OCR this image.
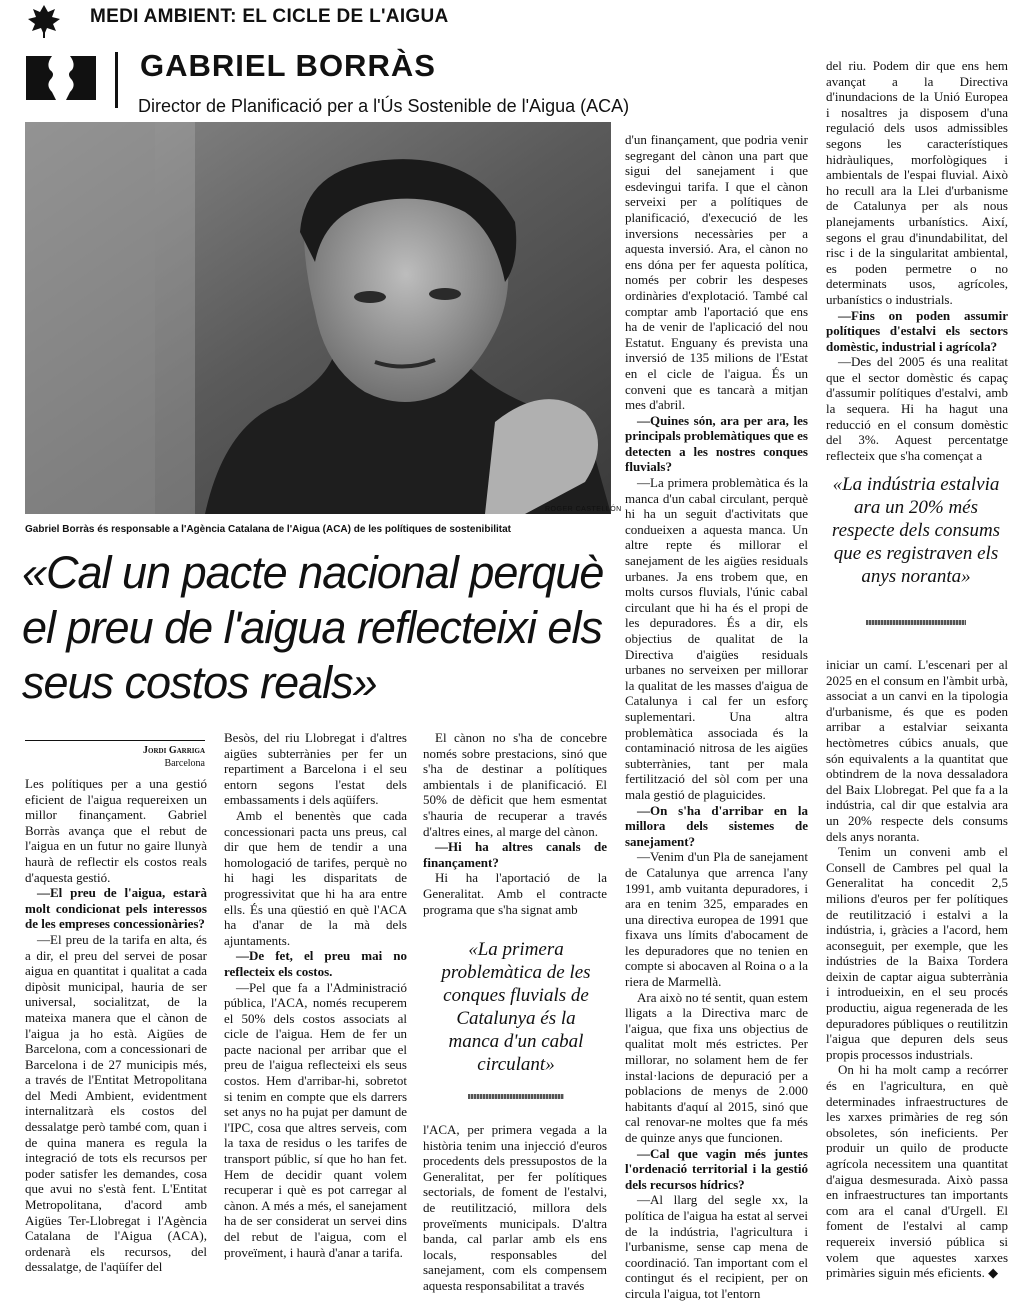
MEDI AMBIENT: EL CICLE DE L'AIGUA
GABRIEL BORRÀS
Director de Planificació per a l'Ús Sostenible de l'Aigua (ACA)
ROGER CASTELLÓN
Gabriel Borràs és responsable a l'Agència Catalana de l'Aigua (ACA) de les polítiques de sostenibilitat
«Cal un pacte nacional perquè el preu de l'aigua reflecteixi els seus costos reals»
Jordi Garriga
Barcelona

Les polítiques per a una gestió eficient de l'aigua requereixen un millor finançament. Gabriel Borràs avança que el rebut de l'aigua en un futur no gaire llunyà haurà de reflectir els costos reals d'aquesta gestió.

—El preu de l'aigua, estarà molt condicionat pels interessos de les empreses concessionàries?

—El preu de la tarifa en alta, és a dir, el preu del servei de posar aigua en quantitat i qualitat a cada dipòsit municipal, hauria de ser universal, socialitzat, de la mateixa manera que el cànon de l'aigua ja ho està. Aigües de Barcelona, com a concessionari de Barcelona i de 27 municipis més, a través de l'Entitat Metropolitana del Medi Ambient, evidentment internalitzarà els costos del dessalatge però també com, quan i de quina manera es regula la integració de tots els recursos per poder satisfer les demandes, cosa que avui no s'està fent. L'Entitat Metropolitana, d'acord amb Aigües Ter-Llobregat i l'Agència Catalana de l'Aigua (ACA), ordenarà els recursos, del dessalatge, de l'aqüífer del

Besòs, del riu Llobregat i d'altres aigües subterrànies per fer un repartiment a Barcelona i el seu entorn segons l'estat dels embassaments i dels aqüífers.

Amb el benentès que cada concessionari pacta uns preus, cal dir que hem de tendir a una homologació de tarifes, perquè no hi hagi les disparitats de progressivitat que hi ha ara entre ells. És una qüestió en què l'ACA ha d'anar de la mà dels ajuntaments.

—De fet, el preu mai no reflecteix els costos.

—Pel que fa a l'Administració pública, l'ACA, només recuperem el 50% dels costos associats al cicle de l'aigua. Hem de fer un pacte nacional per arribar que el preu de l'aigua reflecteixi els seus costos. Hem d'arribar-hi, sobretot si tenim en compte que els darrers set anys no ha pujat per damunt de l'IPC, cosa que altres serveis, com la taxa de residus o les tarifes de transport públic, sí que ho han fet. Hem de decidir quant volem recuperar i què es pot carregar al cànon. A més a més, el sanejament ha de ser considerat un servei dins del rebut de l'aigua, com el proveïment, i haurà d'anar a tarifa.

El cànon no s'ha de concebre només sobre prestacions, sinó que s'ha de destinar a polítiques ambientals i de planificació. El 50% de dèficit que hem esmentat s'hauria de recuperar a través d'altres eines, al marge del cànon.

—Hi ha altres canals de finançament?

Hi ha l'aportació de la Generalitat. Amb el contracte programa que s'ha signat amb

«La primera problemàtica de les conques fluvials de Catalunya és la manca d'un cabal circulant»

l'ACA, per primera vegada a la història tenim una injecció d'euros procedents dels pressupostos de la Generalitat, per fer polítiques sectorials, de foment de l'estalvi, de reutilització, millora dels proveïments municipals. D'altra banda, cal parlar amb els ens locals, responsables del sanejament, com els compensem aquesta responsabilitat a través

d'un finançament, que podria venir segregant del cànon una part que sigui del sanejament i que esdevingui tarifa. I que el cànon serveixi per a polítiques de planificació, d'execució de les inversions necessàries per a aquesta inversió. Ara, el cànon no ens dóna per fer aquesta política, només per cobrir les despeses ordinàries d'explotació. També cal comptar amb l'aportació que ens ha de venir de l'aplicació del nou Estatut. Enguany és prevista una inversió de 135 milions de l'Estat en el cicle de l'aigua. És un conveni que es tancarà a mitjan mes d'abril.

—Quines són, ara per ara, les principals problemàtiques que es detecten a les nostres conques fluvials?

—La primera problemàtica és la manca d'un cabal circulant, perquè hi ha un seguit d'activitats que condueixen a aquesta manca. Un altre repte és millorar el sanejament de les aigües residuals urbanes. Ja ens trobem que, en molts cursos fluvials, l'únic cabal circulant que hi ha és el propi de les depuradores. És a dir, els objectius de qualitat de la Directiva d'aigües residuals urbanes no serveixen per millorar la qualitat de les masses d'aigua de Catalunya i cal fer un esforç suplementari. Una altra problemàtica associada és la contaminació nitrosa de les aigües subterrànies, tant per mala fertilització del sòl com per una mala gestió de plaguicides.

—On s'ha d'arribar en la millora dels sistemes de sanejament?

—Venim d'un Pla de sanejament de Catalunya que arrenca l'any 1991, amb vuitanta depuradores, i ara en tenim 325, emparades en una directiva europea de 1991 que fixava uns límits d'abocament de les depuradores que no tenien en compte si abocaven al Roina o a la riera de Marmellà.

Ara això no té sentit, quan estem lligats a la Directiva marc de l'aigua, que fixa uns objectius de qualitat molt més estrictes. Per millorar, no solament hem de fer instal·lacions de depuració per a poblacions de menys de 2.000 habitants d'aquí al 2015, sinó que cal renovar-ne moltes que fa més de quinze anys que funcionen.

—Cal que vagin més juntes l'ordenació territorial i la gestió dels recursos hídrics?

—Al llarg del segle xx, la política de l'aigua ha estat al servei de la indústria, l'agricultura i l'urbanisme, sense cap mena de coordinació. Tan important com el contingut és el recipient, per on circula l'aigua, tot l'entorn

del riu. Podem dir que ens hem avançat a la Directiva d'inundacions de la Unió Europea i nosaltres ja disposem d'una regulació dels usos admissibles segons les característiques hidràuliques, morfològiques i ambientals de l'espai fluvial. Això ho recull ara la Llei d'urbanisme de Catalunya per als nous planejaments urbanístics. Així, segons el grau d'inundabilitat, del risc i de la singularitat ambiental, es poden permetre o no determinats usos, agrícoles, urbanístics o industrials.

—Fins on poden assumir polítiques d'estalvi els sectors domèstic, industrial i agrícola?

—Des del 2005 és una realitat que el sector domèstic és capaç d'assumir polítiques d'estalvi, amb la sequera. Hi ha hagut una reducció en el consum domèstic del 3%. Aquest percentatge reflecteix que s'ha començat a

«La indústria estalvia ara un 20% més respecte dels consums que es registraven els anys noranta»

iniciar un camí. L'escenari per al 2025 en el consum en l'àmbit urbà, associat a un canvi en la tipologia d'urbanisme, és que es poden arribar a estalviar seixanta hectòmetres cúbics anuals, que són equivalents a la quantitat que obtindrem de la nova dessaladora del Baix Llobregat. Pel que fa a la indústria, cal dir que estalvia ara un 20% respecte dels consums dels anys noranta.

Tenim un conveni amb el Consell de Cambres pel qual la Generalitat ha concedit 2,5 milions d'euros per fer polítiques de reutilització i estalvi a la indústria, i, gràcies a l'acord, hem aconseguit, per exemple, que les indústries de la Baixa Tordera deixin de captar aigua subterrània i introdueixin, en el seu procés productiu, aigua regenerada de les depuradores públiques o reutilitzin l'aigua que depuren dels seus propis processos industrials.

On hi ha molt camp a recórrer és en l'agricultura, en què determinades infraestructures de les xarxes primàries de reg són obsoletes, són ineficients. Per produir un quilo de producte agrícola necessitem una quantitat d'aigua desmesurada. Això passa en infraestructures tan importants com ara el canal d'Urgell. El foment de l'estalvi al camp requereix inversió pública si volem que aquestes xarxes primàries siguin més eficients. ◆
